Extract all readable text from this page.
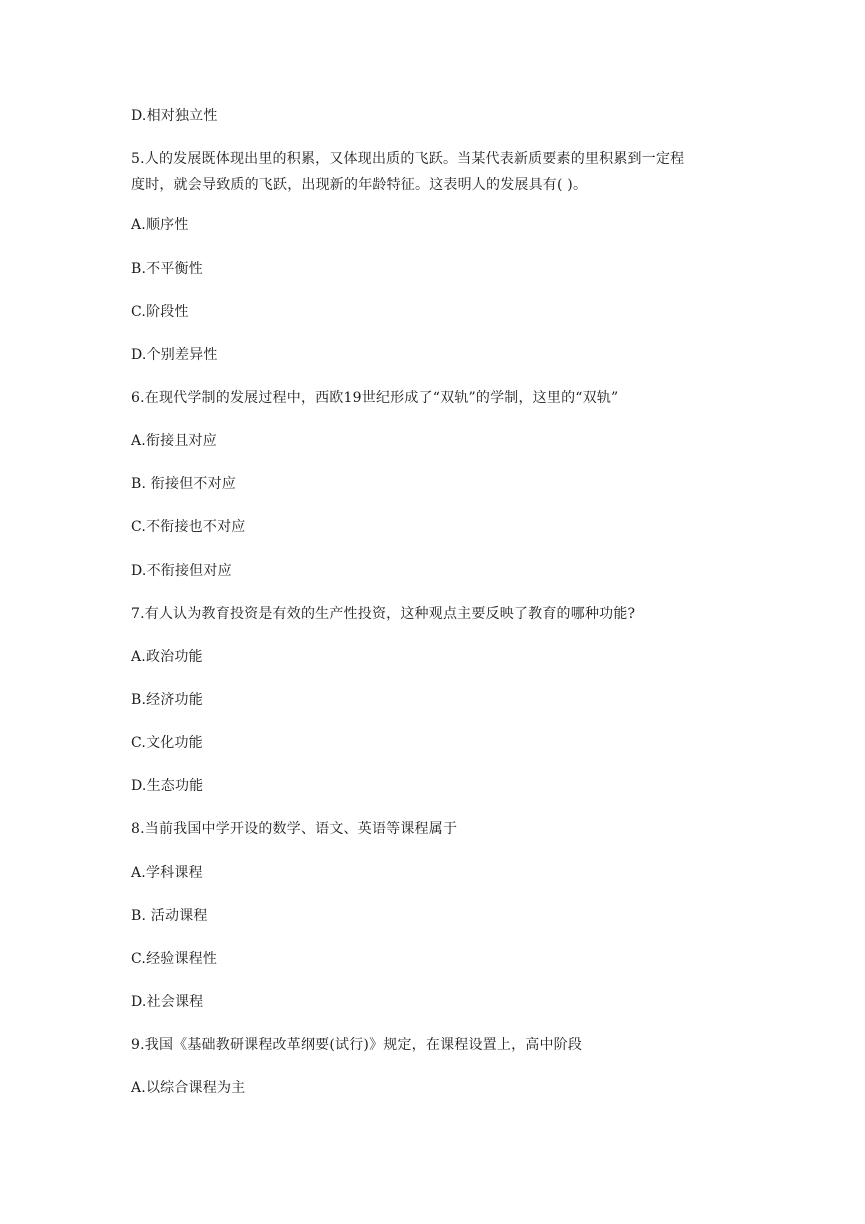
D.相对独立性
5.人的发展既体现出里的积累，又体现出质的飞跃。当某代表新质要素的里积累到一定程
度时，就会导致质的飞跃，出现新的年龄特征。这表明人的发展具有( )。
A.顺序性
B.不平衡性
C.阶段性
D.个别差异性
6.在现代学制的发展过程中，西欧19世纪形成了“双轨”的学制，这里的“双轨”
A.衔接且对应
B. 衔接但不对应
C.不衔接也不对应
D.不衔接但对应
7.有人认为教育投资是有效的生产性投资，这种观点主要反映了教育的哪种功能?
A.政治功能
B.经济功能
C.文化功能
D.生态功能
8.当前我国中学开设的数学、语文、英语等课程属于
A.学科课程
B. 活动课程
C.经验课程性
D.社会课程
9.我国《基础教研课程改革纲要(试行)》规定，在课程设置上，高中阶段
A.以综合课程为主
